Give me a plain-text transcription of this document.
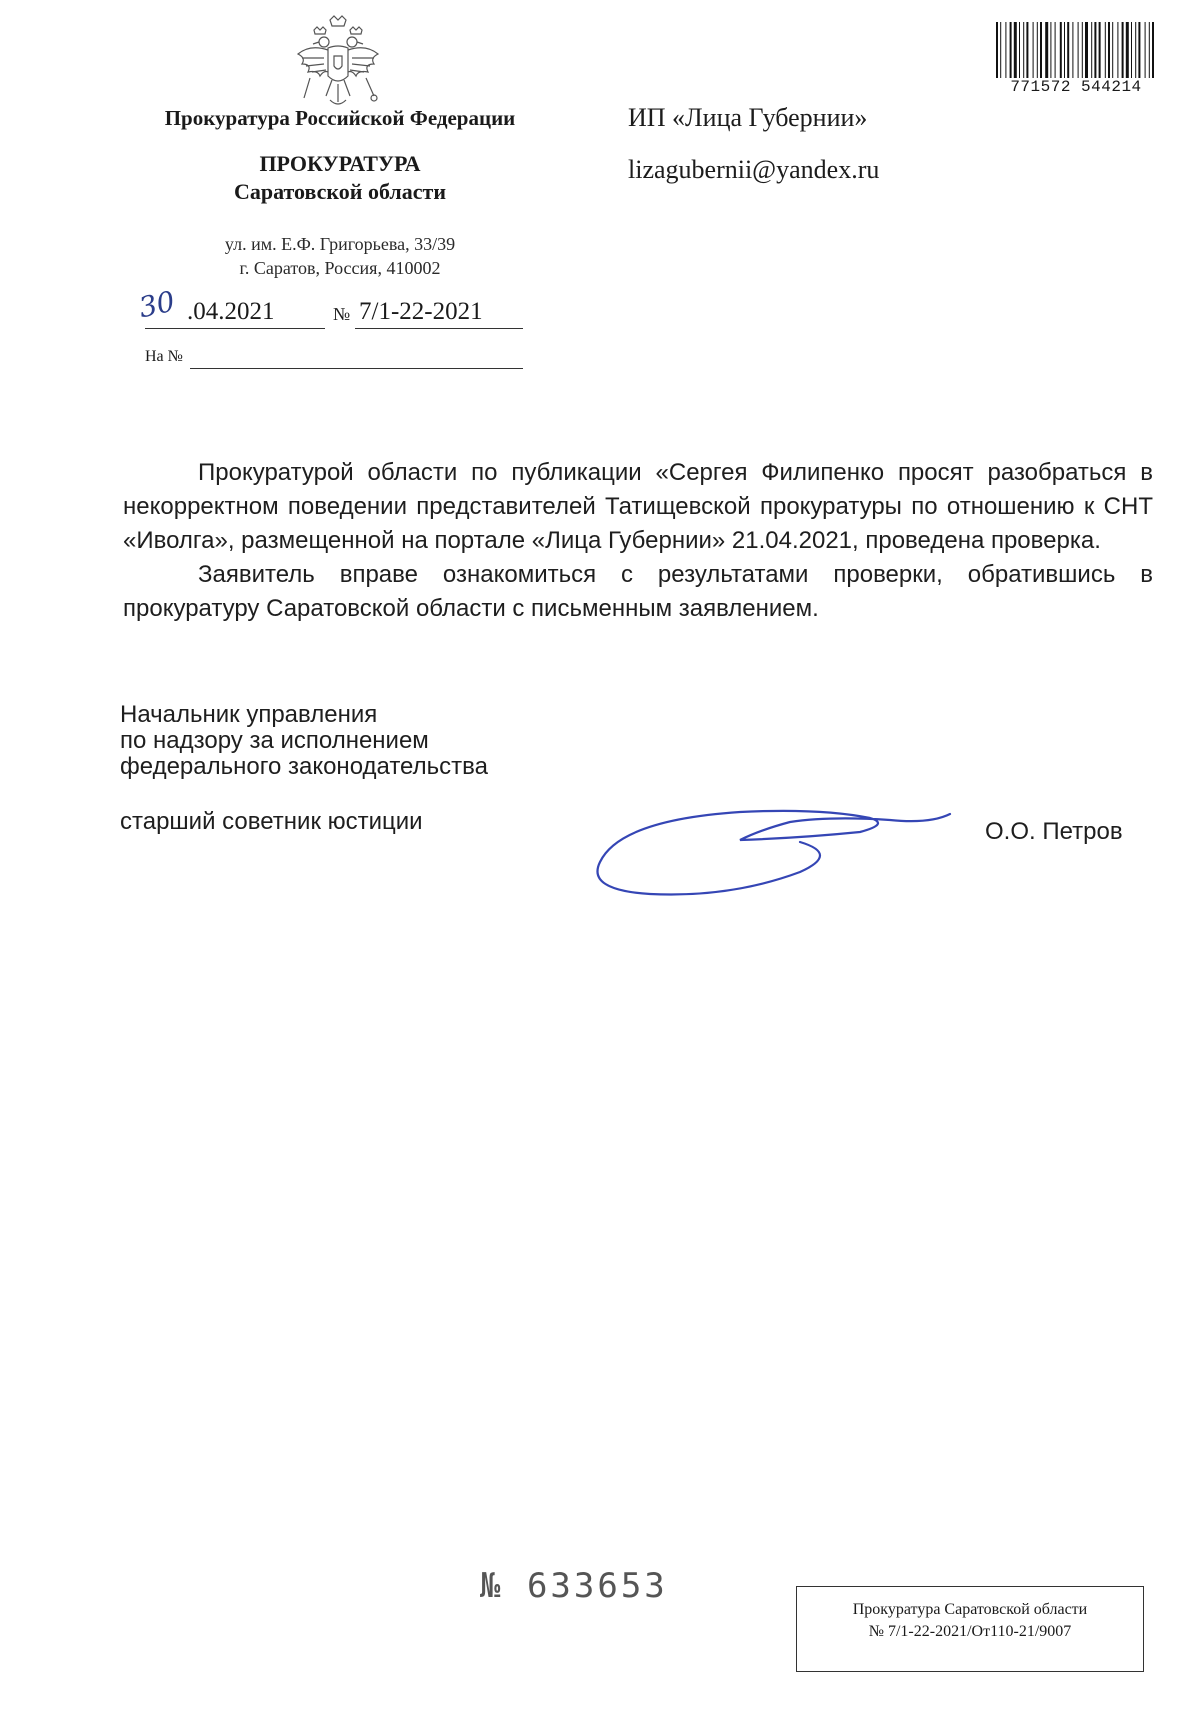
Прокуратура Российской Федерации
ПРОКУРАТУРА
Саратовской области
ул. им. Е.Ф. Григорьева, 33/39
г. Саратов, Россия, 410002
30 .04.2021	№ 7/1-22-2021
На №
ИП «Лица Губернии»
lizagubernii@yandex.ru
771572 544214

Прокуратурой области по публикации «Сергея Филипенко просят разобраться в некорректном поведении представителей Татищевской прокуратуры по отношению к СНТ «Иволга», размещенной на портале «Лица Губернии» 21.04.2021, проведена проверка.

Заявитель вправе ознакомиться с результатами проверки, обратившись в прокуратуру Саратовской области с письменным заявлением.

Начальник управления
по надзору за исполнением
федерального законодательства
старший советник юстиции	О.О. Петров
№ 633653
Прокуратура Саратовской области
№ 7/1-22-2021/От110-21/9007
